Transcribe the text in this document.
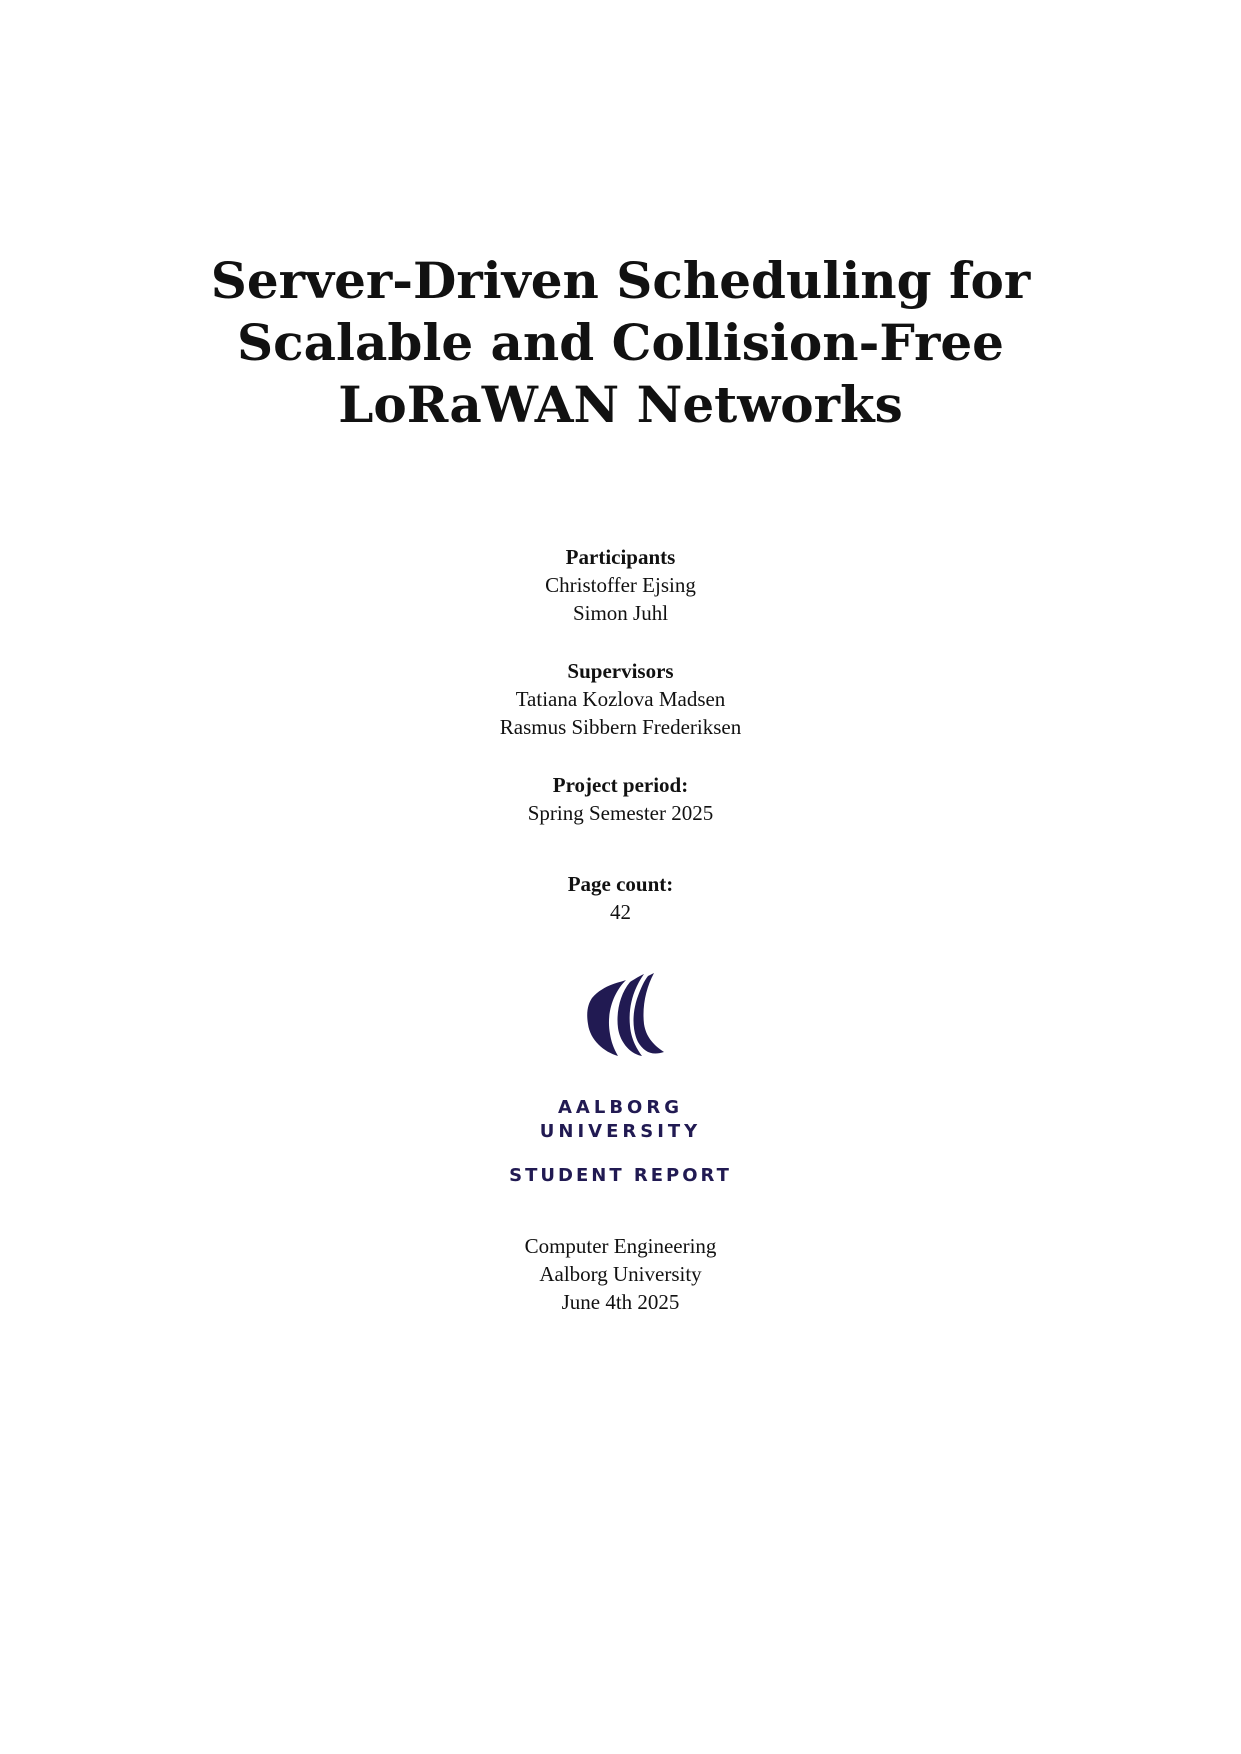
Server-Driven Scheduling for
Scalable and Collision-Free
LoRaWAN Networks
Participants
Christoffer Ejsing
Simon Juhl
Supervisors
Tatiana Kozlova Madsen
Rasmus Sibbern Frederiksen
Project period:
Spring Semester 2025
Page count:
42
AALBORG
UNIVERSITY
STUDENT REPORT
Computer Engineering
Aalborg University
June 4th 2025
